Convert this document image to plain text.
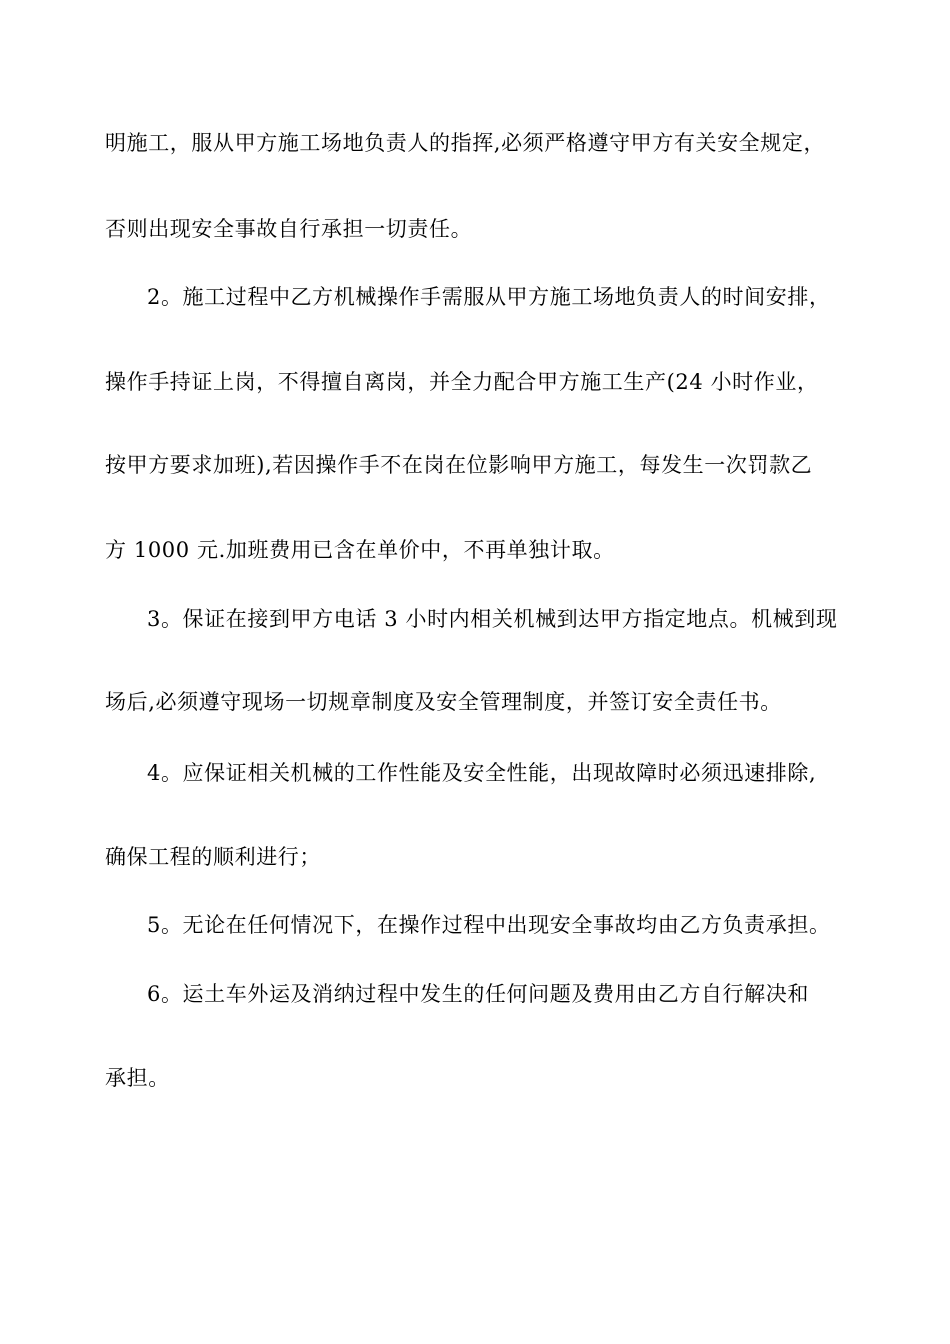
明施工，服从甲方施工场地负责人的指挥,必须严格遵守甲方有关安全规定，
否则出现安全事故自行承担一切责任。
2。施工过程中乙方机械操作手需服从甲方施工场地负责人的时间安排，
操作手持证上岗，不得擅自离岗，并全力配合甲方施工生产(24 小时作业，
按甲方要求加班),若因操作手不在岗在位影响甲方施工，每发生一次罚款乙
方 1000 元.加班费用已含在单价中，不再单独计取。
3。保证在接到甲方电话 3 小时内相关机械到达甲方指定地点。机械到现
场后,必须遵守现场一切规章制度及安全管理制度，并签订安全责任书。
4。应保证相关机械的工作性能及安全性能，出现故障时必须迅速排除,
确保工程的顺利进行；
5。无论在任何情况下，在操作过程中出现安全事故均由乙方负责承担。
6。运土车外运及消纳过程中发生的任何问题及费用由乙方自行解决和
承担。
